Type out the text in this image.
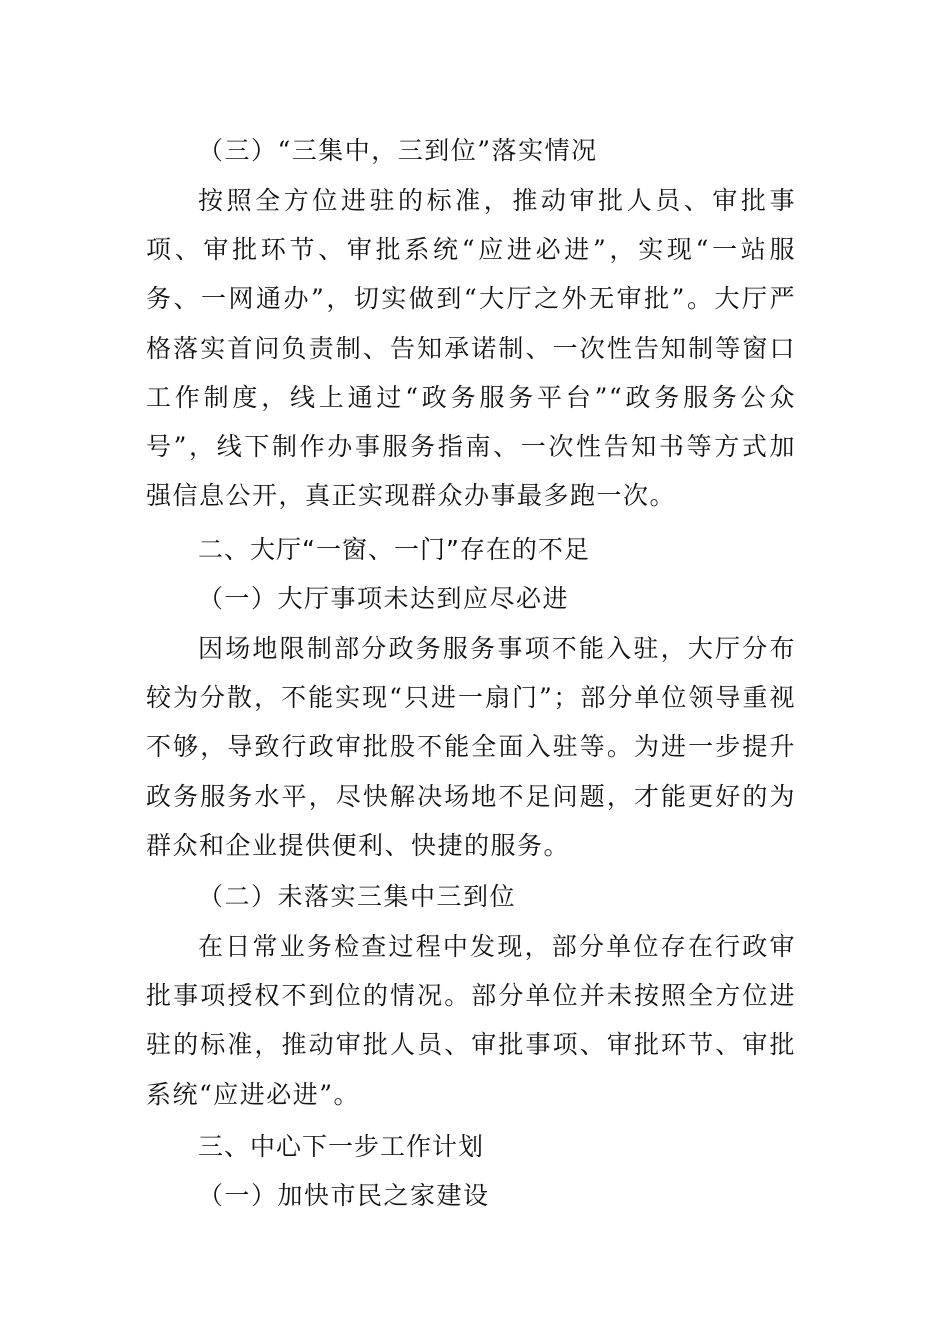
（三）“三集中，三到位”落实情况

按照全方位进驻的标准，推动审批人员、审批事项、审批环节、审批系统“应进必进”，实现“一站服务、一网通办”，切实做到“大厅之外无审批”。大厅严格落实首问负责制、告知承诺制、一次性告知制等窗口工作制度，线上通过“政务服务平台”“政务服务公众号”，线下制作办事服务指南、一次性告知书等方式加强信息公开，真正实现群众办事最多跑一次。

二、大厅“一窗、一门”存在的不足

（一）大厅事项未达到应尽必进

因场地限制部分政务服务事项不能入驻，大厅分布较为分散，不能实现“只进一扇门”；部分单位领导重视不够，导致行政审批股不能全面入驻等。为进一步提升政务服务水平，尽快解决场地不足问题，才能更好的为群众和企业提供便利、快捷的服务。

（二）未落实三集中三到位

在日常业务检查过程中发现，部分单位存在行政审批事项授权不到位的情况。部分单位并未按照全方位进驻的标准，推动审批人员、审批事项、审批环节、审批系统“应进必进”。

三、中心下一步工作计划

（一）加快市民之家建设
